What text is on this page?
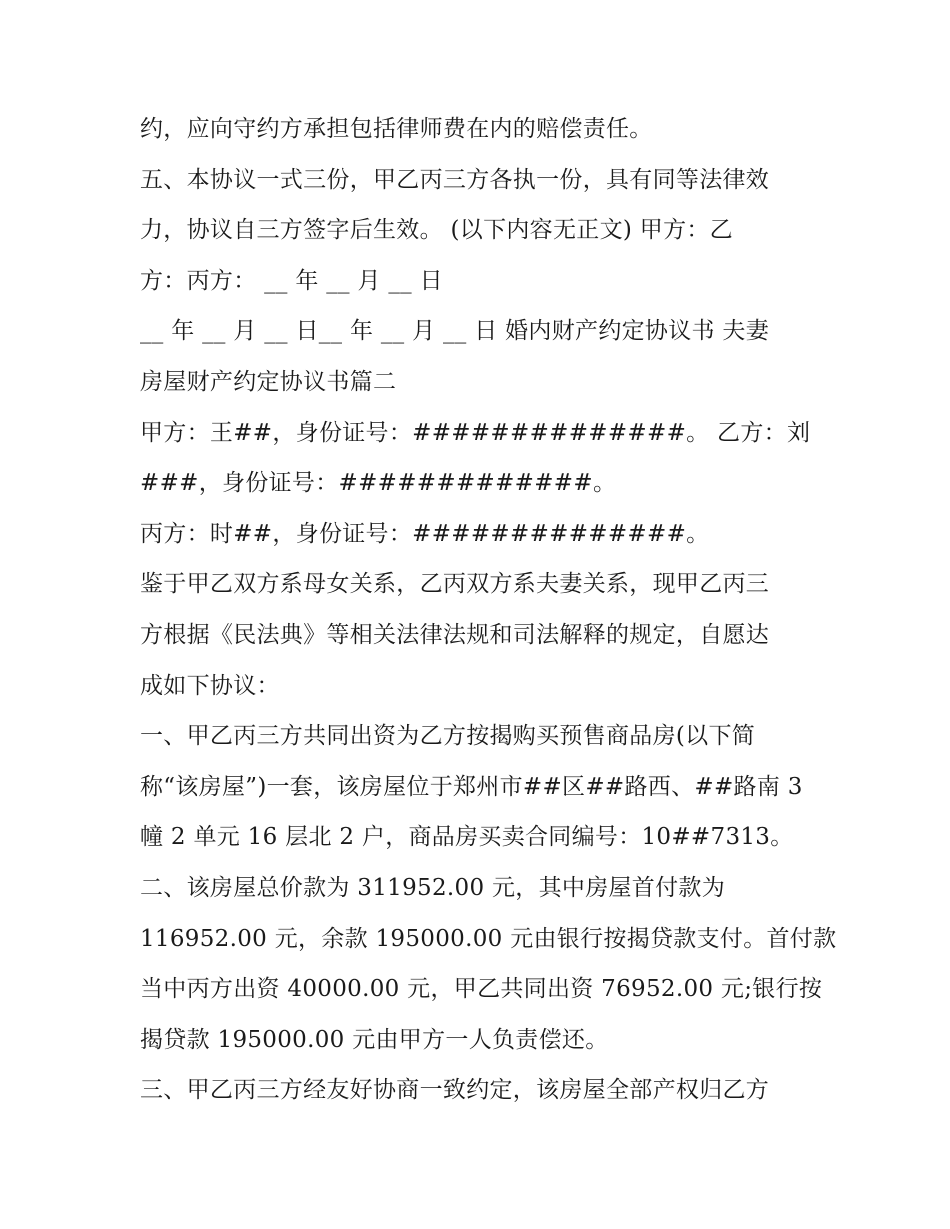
约，应向守约方承担包括律师费在内的赔偿责任。
五、本协议一式三份，甲乙丙三方各执一份，具有同等法律效
力，协议自三方签字后生效。 (以下内容无正文) 甲方：乙
方：丙方： __ 年 __ 月 __ 日
__ 年 __ 月 __ 日__ 年 __ 月 __ 日 婚内财产约定协议书 夫妻
房屋财产约定协议书篇二
甲方：王##，身份证号：##############。 乙方：刘
###，身份证号：#############。
丙方：时##，身份证号：##############。
鉴于甲乙双方系母女关系，乙丙双方系夫妻关系，现甲乙丙三
方根据《民法典》等相关法律法规和司法解释的规定，自愿达
成如下协议：
一、甲乙丙三方共同出资为乙方按揭购买预售商品房(以下简
称“该房屋”)一套，该房屋位于郑州市##区##路西、##路南 3
幢 2 单元 16 层北 2 户，商品房买卖合同编号：10##7313。
二、该房屋总价款为 311952.00 元，其中房屋首付款为
116952.00 元，余款 195000.00 元由银行按揭贷款支付。首付款
当中丙方出资 40000.00 元，甲乙共同出资 76952.00 元;银行按
揭贷款 195000.00 元由甲方一人负责偿还。
三、甲乙丙三方经友好协商一致约定，该房屋全部产权归乙方
